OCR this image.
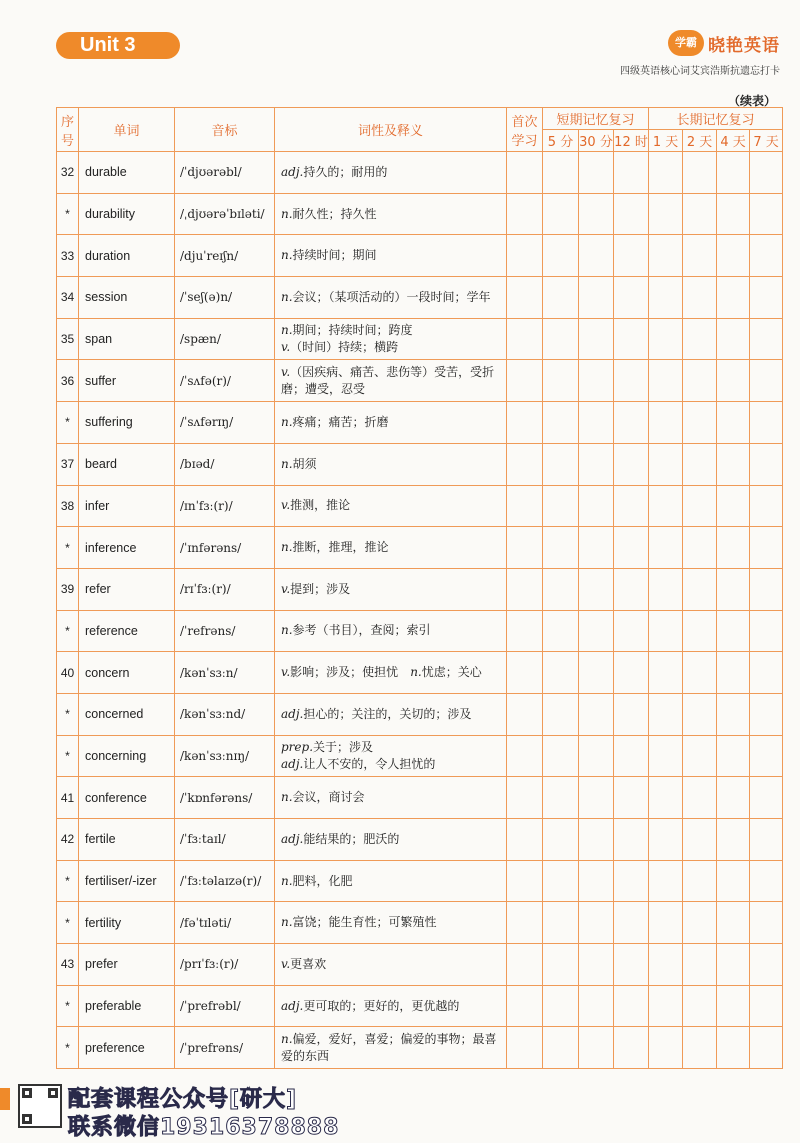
Unit 3	学霸 晓艳英语
四级英语核心词艾宾浩斯抗遗忘打卡
（续表）
序号	单词	音标	词性及释义	首次学习	短期记忆复习			长期记忆复习			
					5 分	30 分	12 时	1 天	2 天	4 天	7 天
32	durable	/ˈdjʊərəbl/	adj.持久的；耐用的								
*	durability	/ˌdjʊərəˈbɪləti/	n.耐久性；持久性								
33	duration	/djuˈreɪʃn/	n.持续时间；期间								
34	session	/ˈseʃ(ə)n/	n.会议；（某项活动的）一段时间；学年								
35	span	/spæn/	n.期间；持续时间；跨度
v.（时间）持续；横跨								
36	suffer	/ˈsʌfə(r)/	v.（因疾病、痛苦、悲伤等）受苦，受折磨；遭受，忍受								
*	suffering	/ˈsʌfərɪŋ/	n.疼痛；痛苦；折磨								
37	beard	/bɪəd/	n.胡须								
38	infer	/ɪnˈfɜː(r)/	v.推测，推论								
*	inference	/ˈɪnfərəns/	n.推断，推理，推论								
39	refer	/rɪˈfɜː(r)/	v.提到；涉及								
*	reference	/ˈrefrəns/	n.参考（书目），查阅；索引								
40	concern	/kənˈsɜːn/	v.影响；涉及；使担忧  n.忧虑；关心								
*	concerned	/kənˈsɜːnd/	adj.担心的；关注的，关切的；涉及								
*	concerning	/kənˈsɜːnɪŋ/	prep.关于；涉及
adj.让人不安的，令人担忧的								
41	conference	/ˈkɒnfərəns/	n.会议，商讨会								
42	fertile	/ˈfɜːtaɪl/	adj.能结果的；肥沃的								
*	fertiliser/-izer	/ˈfɜːtəlaɪzə(r)/	n.肥料，化肥								
*	fertility	/fəˈtɪləti/	n.富饶；能生育性；可繁殖性								
43	prefer	/prɪˈfɜː(r)/	v.更喜欢								
*	preferable	/ˈprefrəbl/	adj.更可取的；更好的，更优越的								
*	preference	/ˈprefrəns/	n.偏爱，爱好，喜爱；偏爱的事物；最喜爱的东西								
配套课程公众号[研大]
联系微信19316378888
